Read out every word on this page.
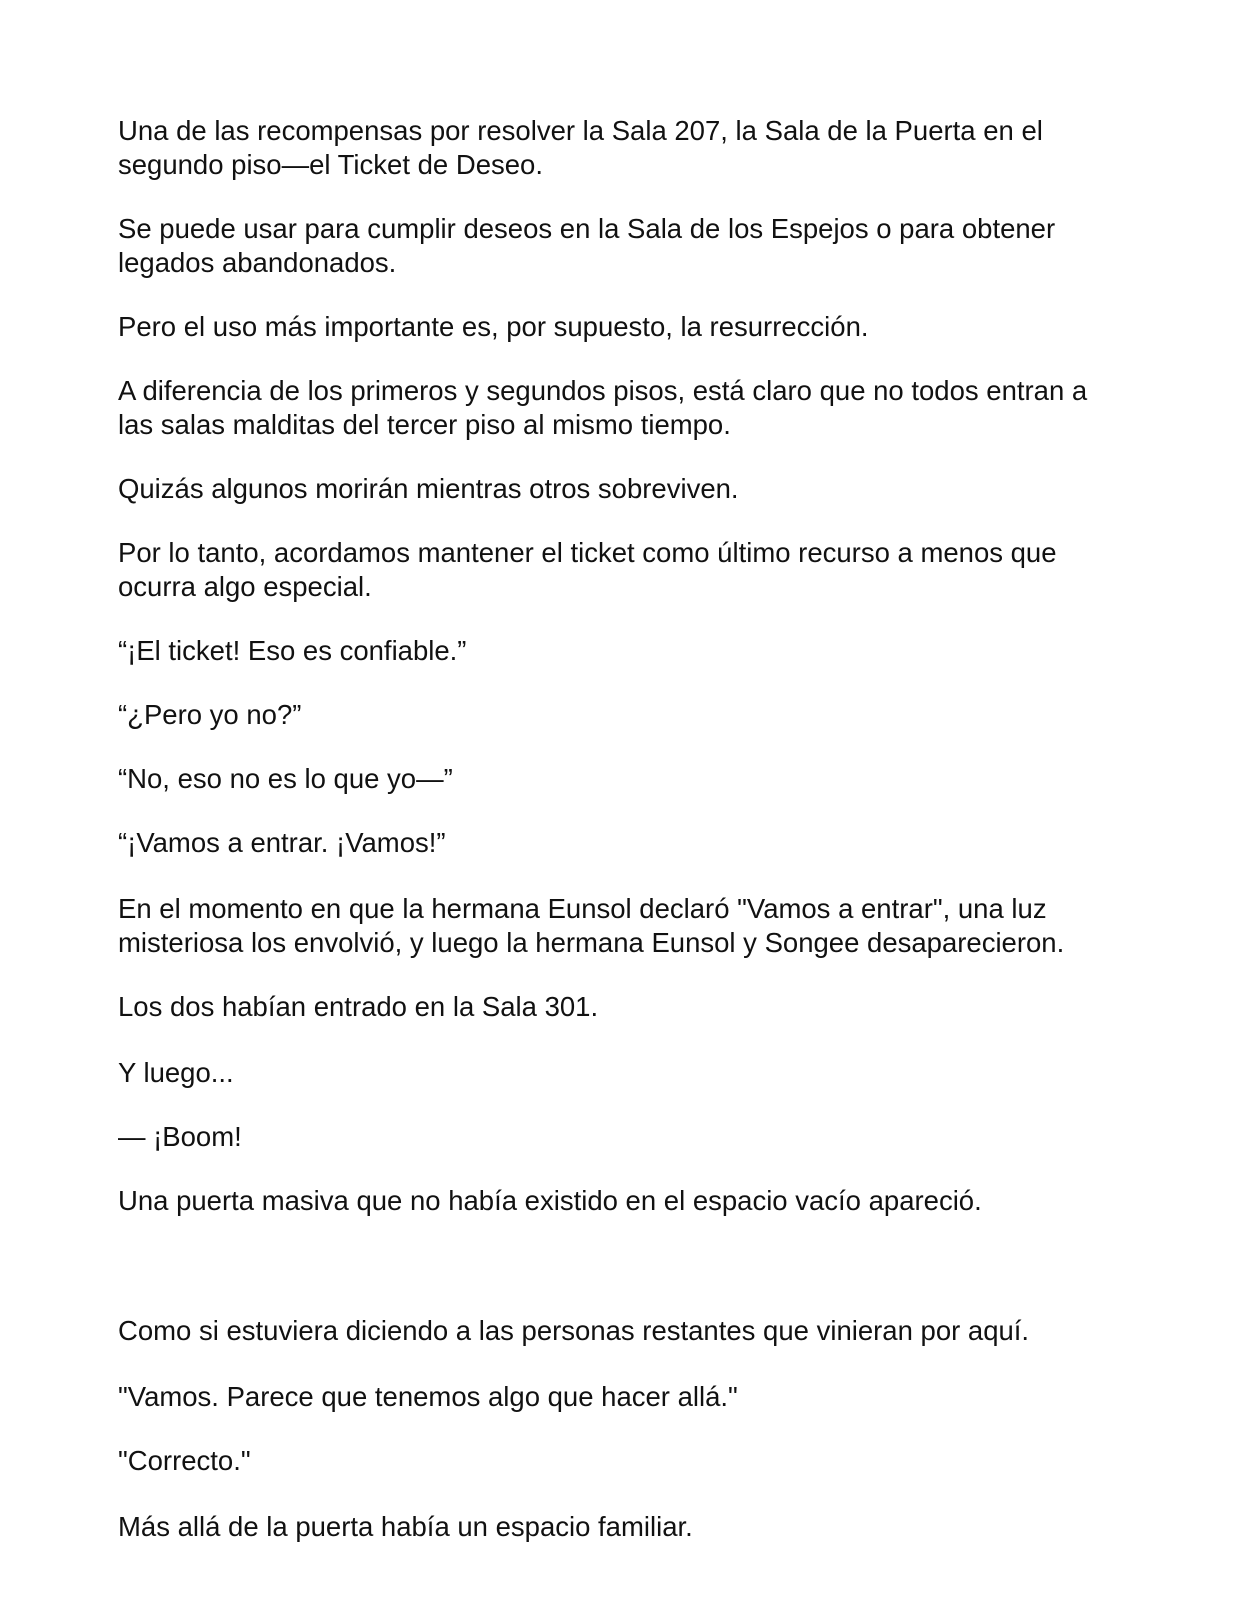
Una de las recompensas por resolver la Sala 207, la Sala de la Puerta en el segundo piso—el Ticket de Deseo.

Se puede usar para cumplir deseos en la Sala de los Espejos o para obtener legados abandonados.

Pero el uso más importante es, por supuesto, la resurrección.

A diferencia de los primeros y segundos pisos, está claro que no todos entran a las salas malditas del tercer piso al mismo tiempo.

Quizás algunos morirán mientras otros sobreviven.

Por lo tanto, acordamos mantener el ticket como último recurso a menos que ocurra algo especial.

“¡El ticket! Eso es confiable.”

“¿Pero yo no?”

“No, eso no es lo que yo—”

“¡Vamos a entrar. ¡Vamos!”

En el momento en que la hermana Eunsol declaró "Vamos a entrar", una luz misteriosa los envolvió, y luego la hermana Eunsol y Songee desaparecieron.

Los dos habían entrado en la Sala 301.

Y luego...

— ¡Boom!

Una puerta masiva que no había existido en el espacio vacío apareció.

Como si estuviera diciendo a las personas restantes que vinieran por aquí.

"Vamos. Parece que tenemos algo que hacer allá."

"Correcto."

Más allá de la puerta había un espacio familiar.
